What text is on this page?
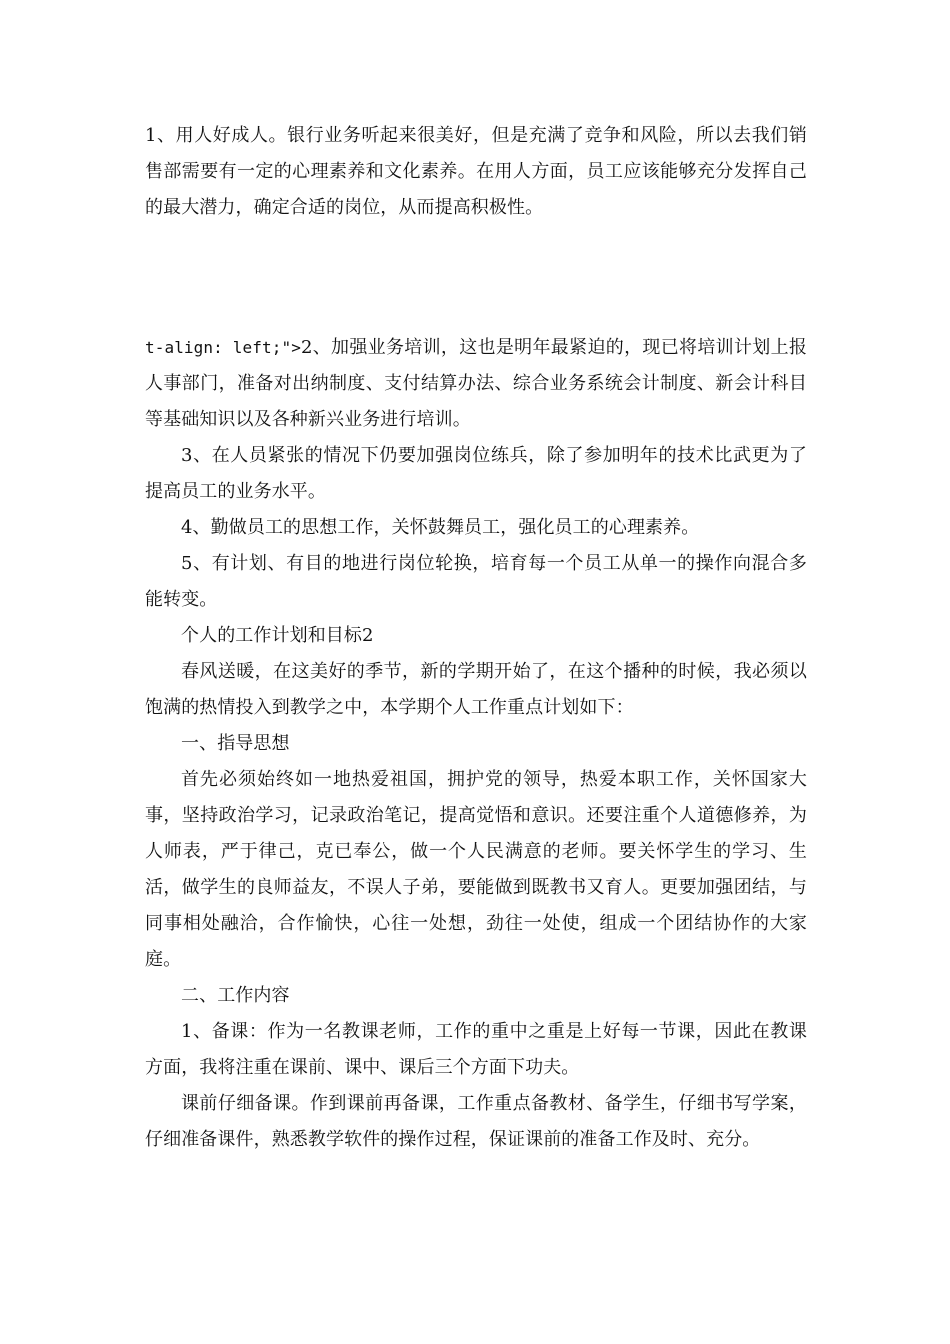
1、用人好成人。银行业务听起来很美好，但是充满了竞争和风险，所以去我们销售部需要有一定的心理素养和文化素养。在用人方面，员工应该能够充分发挥自己的最大潜力，确定合适的岗位，从而提高积极性。

t-align: left;">2、加强业务培训，这也是明年最紧迫的，现已将培训计划上报人事部门，准备对出纳制度、支付结算办法、综合业务系统会计制度、新会计科目等基础知识以及各种新兴业务进行培训。

3、在人员紧张的情况下仍要加强岗位练兵，除了参加明年的技术比武更为了提高员工的业务水平。

4、勤做员工的思想工作，关怀鼓舞员工，强化员工的心理素养。

5、有计划、有目的地进行岗位轮换，培育每一个员工从单一的操作向混合多能转变。

个人的工作计划和目标2

春风送暖，在这美好的季节，新的学期开始了，在这个播种的时候，我必须以饱满的热情投入到教学之中，本学期个人工作重点计划如下：

一、指导思想

首先必须始终如一地热爱祖国，拥护党的领导，热爱本职工作，关怀国家大事，坚持政治学习，记录政治笔记，提高觉悟和意识。还要注重个人道德修养，为人师表，严于律己，克已奉公，做一个人民满意的老师。要关怀学生的学习、生活，做学生的良师益友，不误人子弟，要能做到既教书又育人。更要加强团结，与同事相处融洽，合作愉快，心往一处想，劲往一处使，组成一个团结协作的大家庭。

二、工作内容

1、备课：作为一名教课老师，工作的重中之重是上好每一节课，因此在教课方面，我将注重在课前、课中、课后三个方面下功夫。

课前仔细备课。作到课前再备课，工作重点备教材、备学生，仔细书写学案，仔细准备课件，熟悉教学软件的操作过程，保证课前的准备工作及时、充分。
